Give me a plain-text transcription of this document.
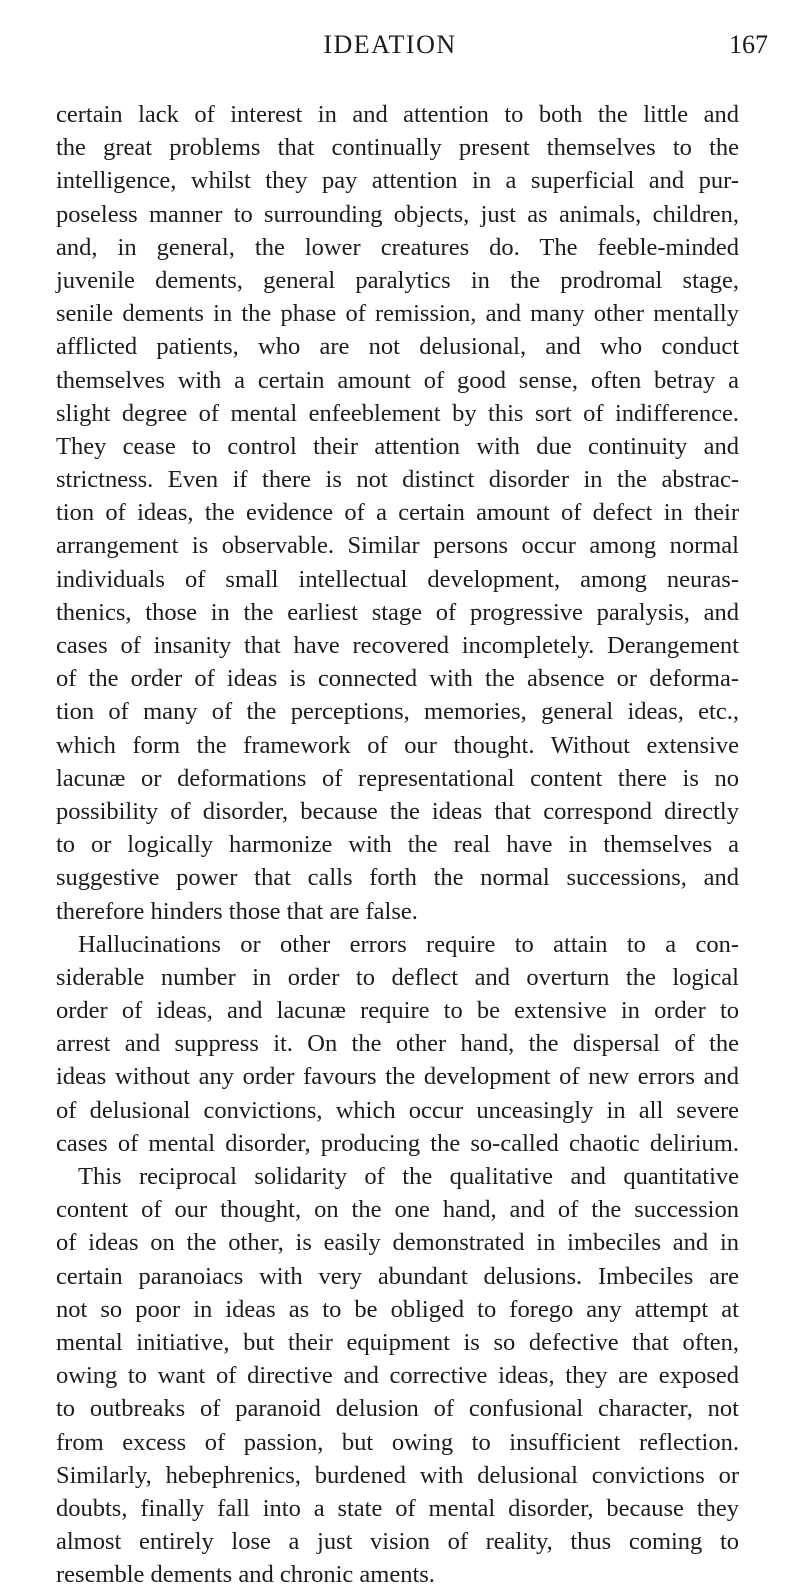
IDEATION	167
certain lack of interest in and attention to both the little and
the great problems that continually present themselves to the
intelligence, whilst they pay attention in a superficial and pur-
poseless manner to surrounding objects, just as animals, children,
and, in general, the lower creatures do. The feeble-minded
juvenile dements, general paralytics in the prodromal stage,
senile dements in the phase of remission, and many other mentally
afflicted patients, who are not delusional, and who conduct
themselves with a certain amount of good sense, often betray a
slight degree of mental enfeeblement by this sort of indifference.
They cease to control their attention with due continuity and
strictness. Even if there is not distinct disorder in the abstrac-
tion of ideas, the evidence of a certain amount of defect in their
arrangement is observable. Similar persons occur among normal
individuals of small intellectual development, among neuras-
thenics, those in the earliest stage of progressive paralysis, and
cases of insanity that have recovered incompletely. Derangement
of the order of ideas is connected with the absence or deforma-
tion of many of the perceptions, memories, general ideas, etc.,
which form the framework of our thought. Without extensive
lacunæ or deformations of representational content there is no
possibility of disorder, because the ideas that correspond directly
to or logically harmonize with the real have in themselves a
suggestive power that calls forth the normal successions, and
therefore hinders those that are false.
Hallucinations or other errors require to attain to a con-
siderable number in order to deflect and overturn the logical
order of ideas, and lacunæ require to be extensive in order to
arrest and suppress it. On the other hand, the dispersal of the
ideas without any order favours the development of new errors and
of delusional convictions, which occur unceasingly in all severe
cases of mental disorder, producing the so-called chaotic delirium.
This reciprocal solidarity of the qualitative and quantitative
content of our thought, on the one hand, and of the succession
of ideas on the other, is easily demonstrated in imbeciles and in
certain paranoiacs with very abundant delusions. Imbeciles are
not so poor in ideas as to be obliged to forego any attempt at
mental initiative, but their equipment is so defective that often,
owing to want of directive and corrective ideas, they are exposed
to outbreaks of paranoid delusion of confusional character, not
from excess of passion, but owing to insufficient reflection.
Similarly, hebephrenics, burdened with delusional convictions or
doubts, finally fall into a state of mental disorder, because they
almost entirely lose a just vision of reality, thus coming to
resemble dements and chronic aments.
